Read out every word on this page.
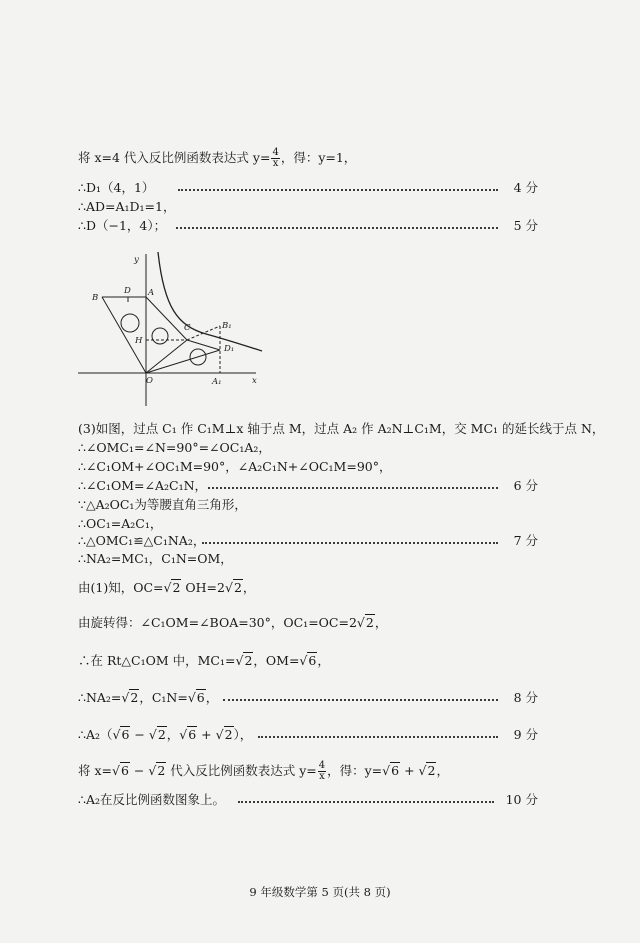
将 x=4 代入反比例函数表达式 $y= \frac{4}{x}$ ，得：y=1，
∴D₁（4，1）	4 分
∴AD=A₁D₁=1，
∴D（−1，4）；	5 分
y
x
B
D A
C	B₁
D₁
H
O	A₁
(3)如图，过点 C₁ 作 C₁M⊥x 轴于点 M，过点 A₂ 作 A₂N⊥C₁M，交 MC₁ 的延长线于点 N，
∴∠OMC₁=∠N=90°=∠OC₁A₂，
∴∠C₁OM+∠OC₁M=90°，∠A₂C₁N+∠OC₁M=90°，
∴∠C₁OM=∠A₂C₁N，	6 分
∵△A₂OC₁为等腰直角三角形，
∴OC₁=A₂C₁，
∴△OMC₁≌△C₁NA₂，	7 分
∴NA₂=MC₁，C₁N=OM，
由(1)知，OC=√2 OH=2√2，
由旋转得：∠C₁OM=∠BOA=30°，OC₁=OC=2√2，
∴在 Rt△C₁OM 中，MC₁=√2，OM=√6，
∴NA₂=√2，C₁N=√6，	8 分
∴A₂（√6 − √2，√6 + √2），	9 分
将 x=√6 − √2 代入反比例函数表达式 $y= \frac{4}{x}$ ，得：y=√6 + √2，
∴A₂在反比例函数图象上。	10 分
9 年级数学第 5 页(共 8 页)
